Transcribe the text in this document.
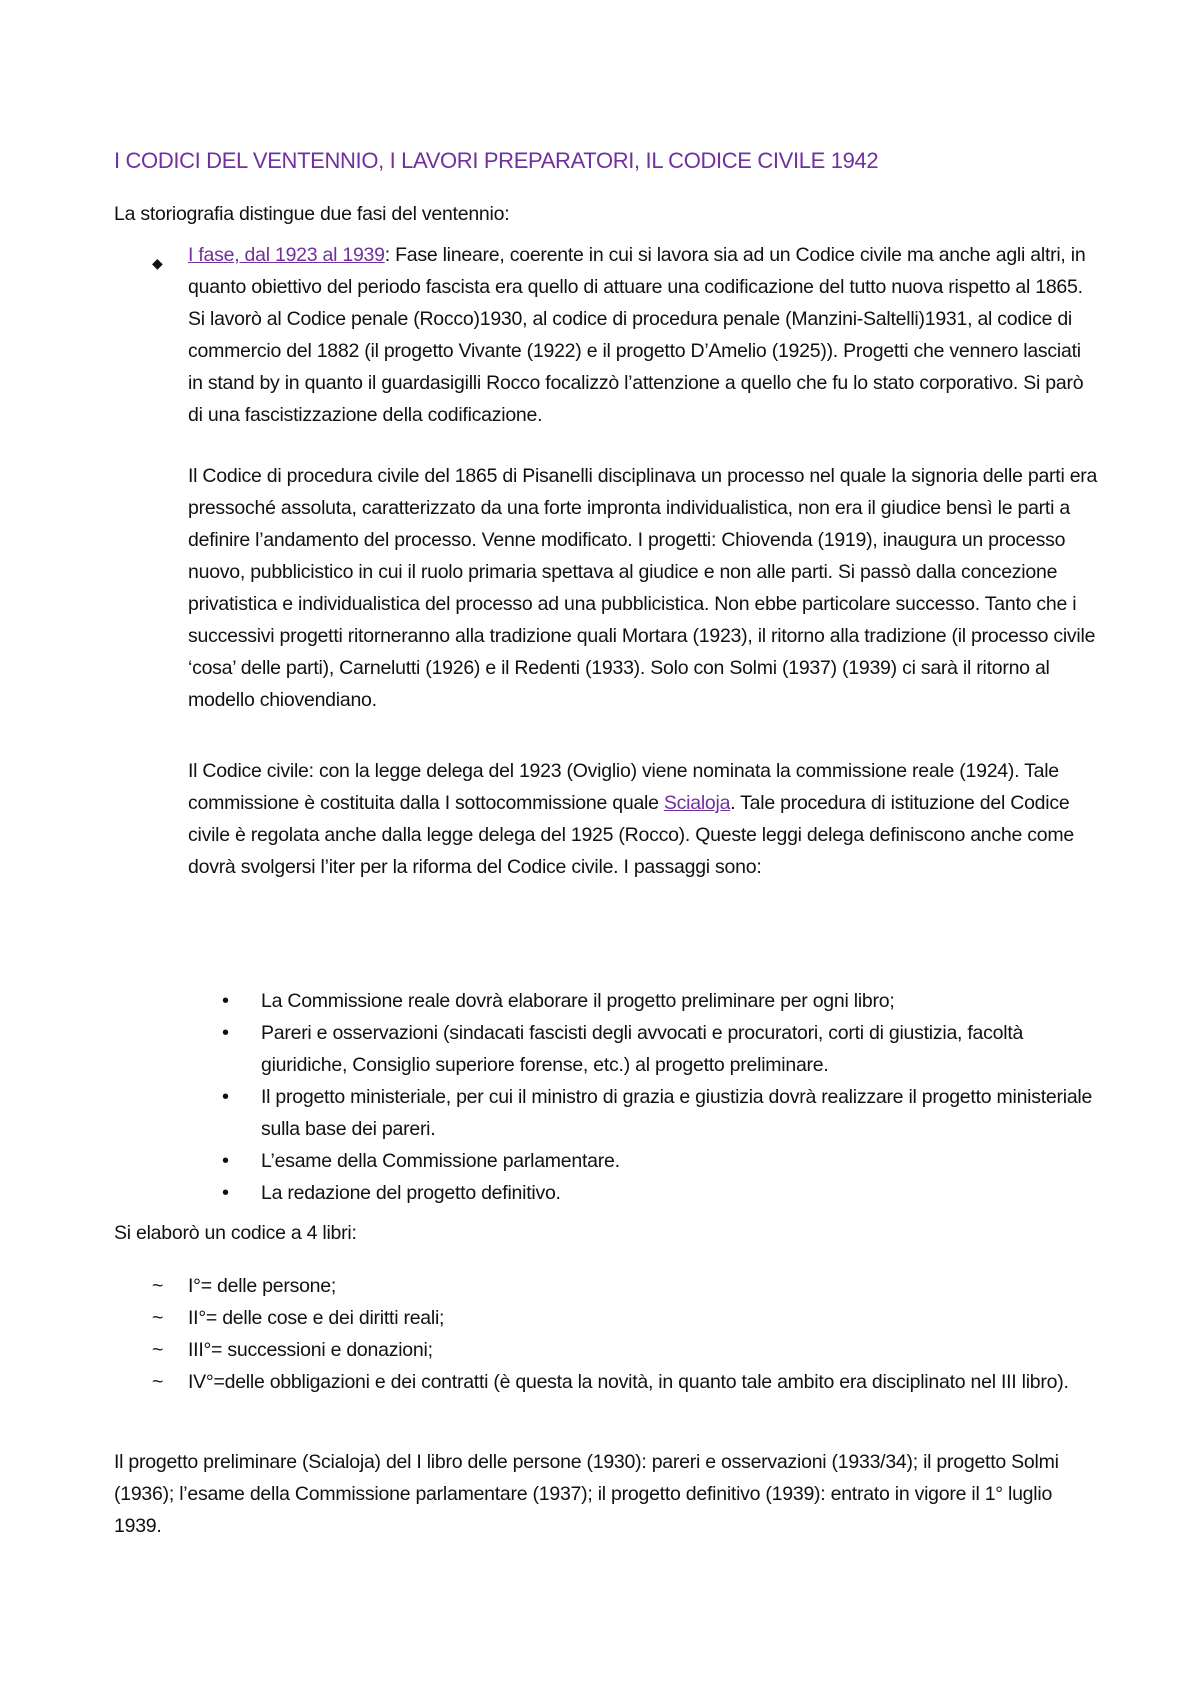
I CODICI DEL VENTENNIO, I LAVORI PREPARATORI, IL CODICE CIVILE 1942

La storiografia distingue due fasi del ventennio:

◆ I fase, dal 1923 al 1939: Fase lineare, coerente in cui si lavora sia ad un Codice civile ma anche agli altri, in quanto obiettivo del periodo fascista era quello di attuare una codificazione del tutto nuova rispetto al 1865. Si lavorò al Codice penale (Rocco)1930, al codice di procedura penale (Manzini-Saltelli)1931, al codice di commercio del 1882 (il progetto Vivante (1922) e il progetto D’Amelio (1925)). Progetti che vennero lasciati in stand by in quanto il guardasigilli Rocco focalizzò l’attenzione a quello che fu lo stato corporativo. Si parò di una fascistizzazione della codificazione.

Il Codice di procedura civile del 1865 di Pisanelli disciplinava un processo nel quale la signoria delle parti era pressoché assoluta, caratterizzato da una forte impronta individualistica, non era il giudice bensì le parti a definire l’andamento del processo. Venne modificato. I progetti: Chiovenda (1919), inaugura un processo nuovo, pubblicistico in cui il ruolo primaria spettava al giudice e non alle parti. Si passò dalla concezione privatistica e individualistica del processo ad una pubblicistica. Non ebbe particolare successo. Tanto che i successivi progetti ritorneranno alla tradizione quali Mortara (1923), il ritorno alla tradizione (il processo civile ‘cosa’ delle parti), Carnelutti (1926) e il Redenti (1933). Solo con Solmi (1937) (1939) ci sarà il ritorno al modello chiovendiano.

Il Codice civile: con la legge delega del 1923 (Oviglio) viene nominata la commissione reale (1924). Tale commissione è costituita dalla I sottocommissione quale Scialoja. Tale procedura di istituzione del Codice civile è regolata anche dalla legge delega del 1925 (Rocco). Queste leggi delega definiscono anche come dovrà svolgersi l’iter per la riforma del Codice civile. I passaggi sono:

• La Commissione reale dovrà elaborare il progetto preliminare per ogni libro;
• Pareri e osservazioni (sindacati fascisti degli avvocati e procuratori, corti di giustizia, facoltà giuridiche, Consiglio superiore forense, etc.) al progetto preliminare.
• Il progetto ministeriale, per cui il ministro di grazia e giustizia dovrà realizzare il progetto ministeriale sulla base dei pareri.
• L’esame della Commissione parlamentare.
• La redazione del progetto definitivo.

Si elaborò un codice a 4 libri:

~ I°= delle persone;
~ II°= delle cose e dei diritti reali;
~ III°= successioni e donazioni;
~ IV°=delle obbligazioni e dei contratti (è questa la novità, in quanto tale ambito era disciplinato nel III libro).

Il progetto preliminare (Scialoja) del I libro delle persone (1930): pareri e osservazioni (1933/34); il progetto Solmi (1936); l’esame della Commissione parlamentare (1937); il progetto definitivo (1939): entrato in vigore il 1° luglio 1939.
